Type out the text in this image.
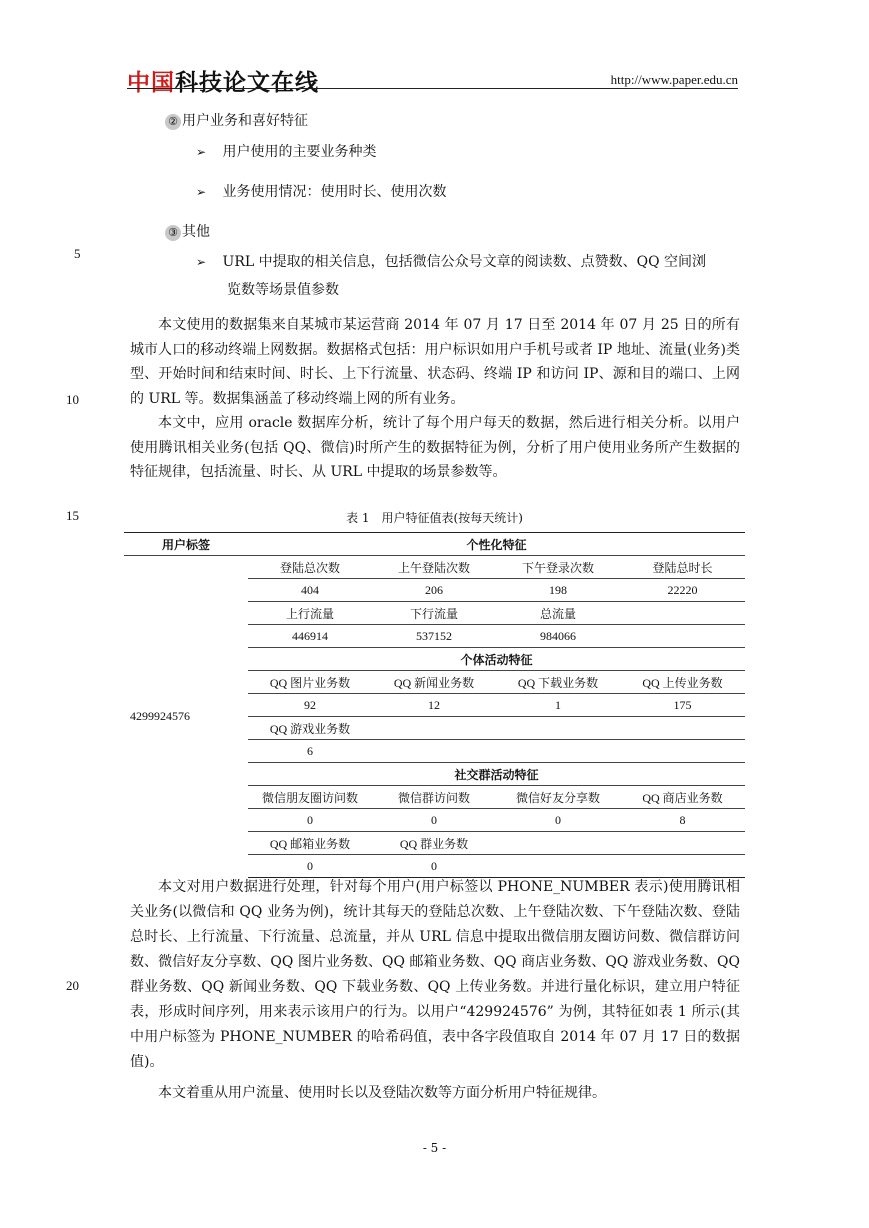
中国科技论文在线	http://www.paper.edu.cn
② 用户业务和喜好特征
➢ 用户使用的主要业务种类
➢ 业务使用情况：使用时长、使用次数
③ 其他
5
➢ URL 中提取的相关信息，包括微信公众号文章的阅读数、点赞数、QQ 空间浏
览数等场景值参数
本文使用的数据集来自某城市某运营商 2014 年 07 月 17 日至 2014 年 07 月 25 日的所有城市人口的移动终端上网数据。数据格式包括：用户标识如用户手机号或者 IP 地址、流量(业务)类型、开始时间和结束时间、时长、上下行流量、状态码、终端 IP 和访问 IP、源和目的端口、上网的 URL 等。数据集涵盖了移动终端上网的所有业务。
10
本文中，应用 oracle 数据库分析，统计了每个用户每天的数据，然后进行相关分析。以用户使用腾讯相关业务(包括 QQ、微信)时所产生的数据特征为例，分析了用户使用业务所产生数据的特征规律，包括流量、时长、从 URL 中提取的场景参数等。
15	表 1　用户特征值表(按每天统计)
用户标签	个性化特征			
4299924576	登陆总次数	上午登陆次数	下午登录次数	登陆总时长
	404	206	198	22220
	上行流量	下行流量	总流量	
	446914	537152	984066	
	个体活动特征			
	QQ 图片业务数	QQ 新闻业务数	QQ 下载业务数	QQ 上传业务数
	92	12	1	175
	QQ 游戏业务数			
	6			
	社交群活动特征			
	微信朋友圈访问数	微信群访问数	微信好友分享数	QQ 商店业务数
	0	0	0	8
	QQ 邮箱业务数	QQ 群业务数		
	0	0		
本文对用户数据进行处理，针对每个用户(用户标签以 PHONE_NUMBER 表示)使用腾讯相关业务(以微信和 QQ 业务为例)，统计其每天的登陆总次数、上午登陆次数、下午登陆次数、登陆总时长、上行流量、下行流量、总流量，并从 URL 信息中提取出微信朋友圈访问数、微信群访问数、微信好友分享数、QQ 图片业务数、QQ 邮箱业务数、QQ 商店业务数、QQ 游戏业务数、QQ 群业务数、QQ 新闻业务数、QQ 下载业务数、QQ 上传业务数。并进行量化标识，建立用户特征表，形成时间序列，用来表示该用户的行为。以用户“429924576” 为例，其特征如表 1 所示(其中用户标签为 PHONE_NUMBER 的哈希码值，表中各字段值取自 2014 年 07 月 17 日的数据值)。
20
本文着重从用户流量、使用时长以及登陆次数等方面分析用户特征规律。
- 5 -
